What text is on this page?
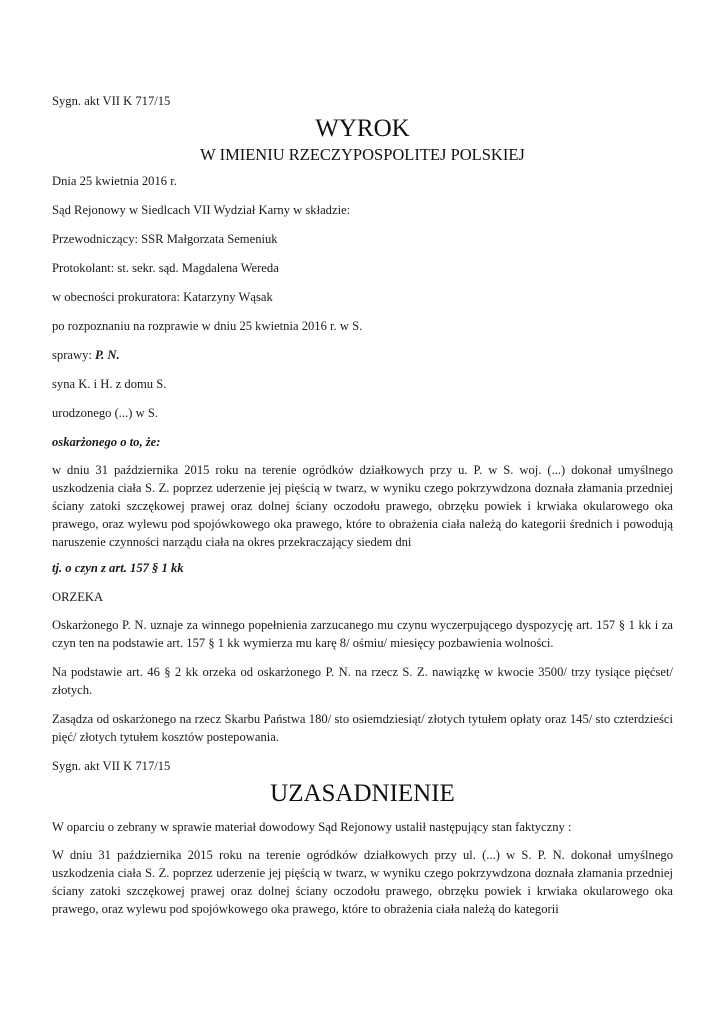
Sygn. akt VII K 717/15
WYROK
W IMIENIU RZECZYPOSPOLITEJ POLSKIEJ
Dnia 25 kwietnia 2016 r.
Sąd Rejonowy w Siedlcach VII Wydział Karny w składzie:
Przewodniczący: SSR Małgorzata Semeniuk
Protokolant: st. sekr. sąd. Magdalena Wereda
w obecności prokuratora: Katarzyny Wąsak
po rozpoznaniu na rozprawie w dniu 25 kwietnia 2016 r. w S.
sprawy: P. N.
syna K. i H. z domu S.
urodzonego (...) w S.
oskarżonego o to, że:
w dniu 31 października 2015 roku na terenie ogródków działkowych przy u. P. w S. woj. (...) dokonał umyślnego uszkodzenia ciała S. Z. poprzez uderzenie jej pięścią w twarz, w wyniku czego pokrzywdzona doznała złamania przedniej ściany zatoki szczękowej prawej oraz dolnej ściany oczodołu prawego, obrzęku powiek i krwiaka okularowego oka prawego, oraz wylewu pod spojówkowego oka prawego, które to obrażenia ciała należą do kategorii średnich i powodują naruszenie czynności narządu ciała na okres przekraczający siedem dni
tj. o czyn z art. 157 § 1 kk
ORZEKA
Oskarżonego P. N. uznaje za winnego popełnienia zarzucanego mu czynu wyczerpującego dyspozycję art. 157 § 1 kk i za czyn ten na podstawie art. 157 § 1 kk wymierza mu karę 8/ ośmiu/ miesięcy pozbawienia wolności.
Na podstawie art. 46 § 2 kk orzeka od oskarżonego P. N. na rzecz S. Z. nawiązkę w kwocie 3500/ trzy tysiące pięćset/ złotych.
Zasądza od oskarżonego na rzecz Skarbu Państwa 180/ sto osiemdziesiąt/ złotych tytułem opłaty oraz 145/ sto czterdzieści pięć/ złotych tytułem kosztów postepowania.
Sygn. akt VII K 717/15
UZASADNIENIE
W oparciu o zebrany w sprawie materiał dowodowy Sąd Rejonowy ustalił następujący stan faktyczny :
W dniu 31 października 2015 roku na terenie ogródków działkowych przy ul. (...) w S. P. N. dokonał umyślnego uszkodzenia ciała S. Z. poprzez uderzenie jej pięścią w twarz, w wyniku czego pokrzywdzona doznała złamania przedniej ściany zatoki szczękowej prawej oraz dolnej ściany oczodołu prawego, obrzęku powiek i krwiaka okularowego oka prawego, oraz wylewu pod spojówkowego oka prawego, które to obrażenia ciała należą do kategorii
